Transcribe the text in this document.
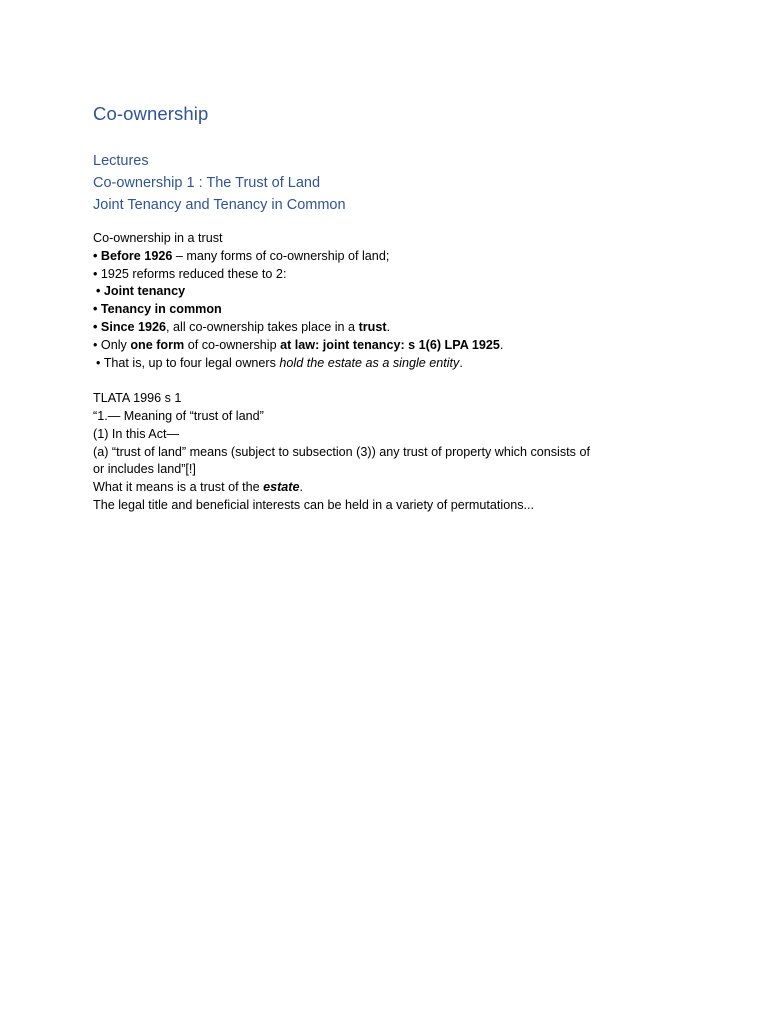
Co-ownership

Lectures

Co-ownership 1 : The Trust of Land

Joint Tenancy and Tenancy in Common

Co-ownership in a trust

• Before 1926 – many forms of co-ownership of land;

• 1925 reforms reduced these to 2:

• Joint tenancy

• Tenancy in common

• Since 1926, all co-ownership takes place in a trust.

• Only one form of co-ownership at law: joint tenancy: s 1(6) LPA 1925.

• That is, up to four legal owners hold the estate as a single entity.

TLATA 1996 s 1

“1.— Meaning of “trust of land”

(1) In this Act—

(a) “trust of land” means (subject to subsection (3)) any trust of property which consists of

or includes land”[!]

What it means is a trust of the estate.

The legal title and beneficial interests can be held in a variety of permutations...
